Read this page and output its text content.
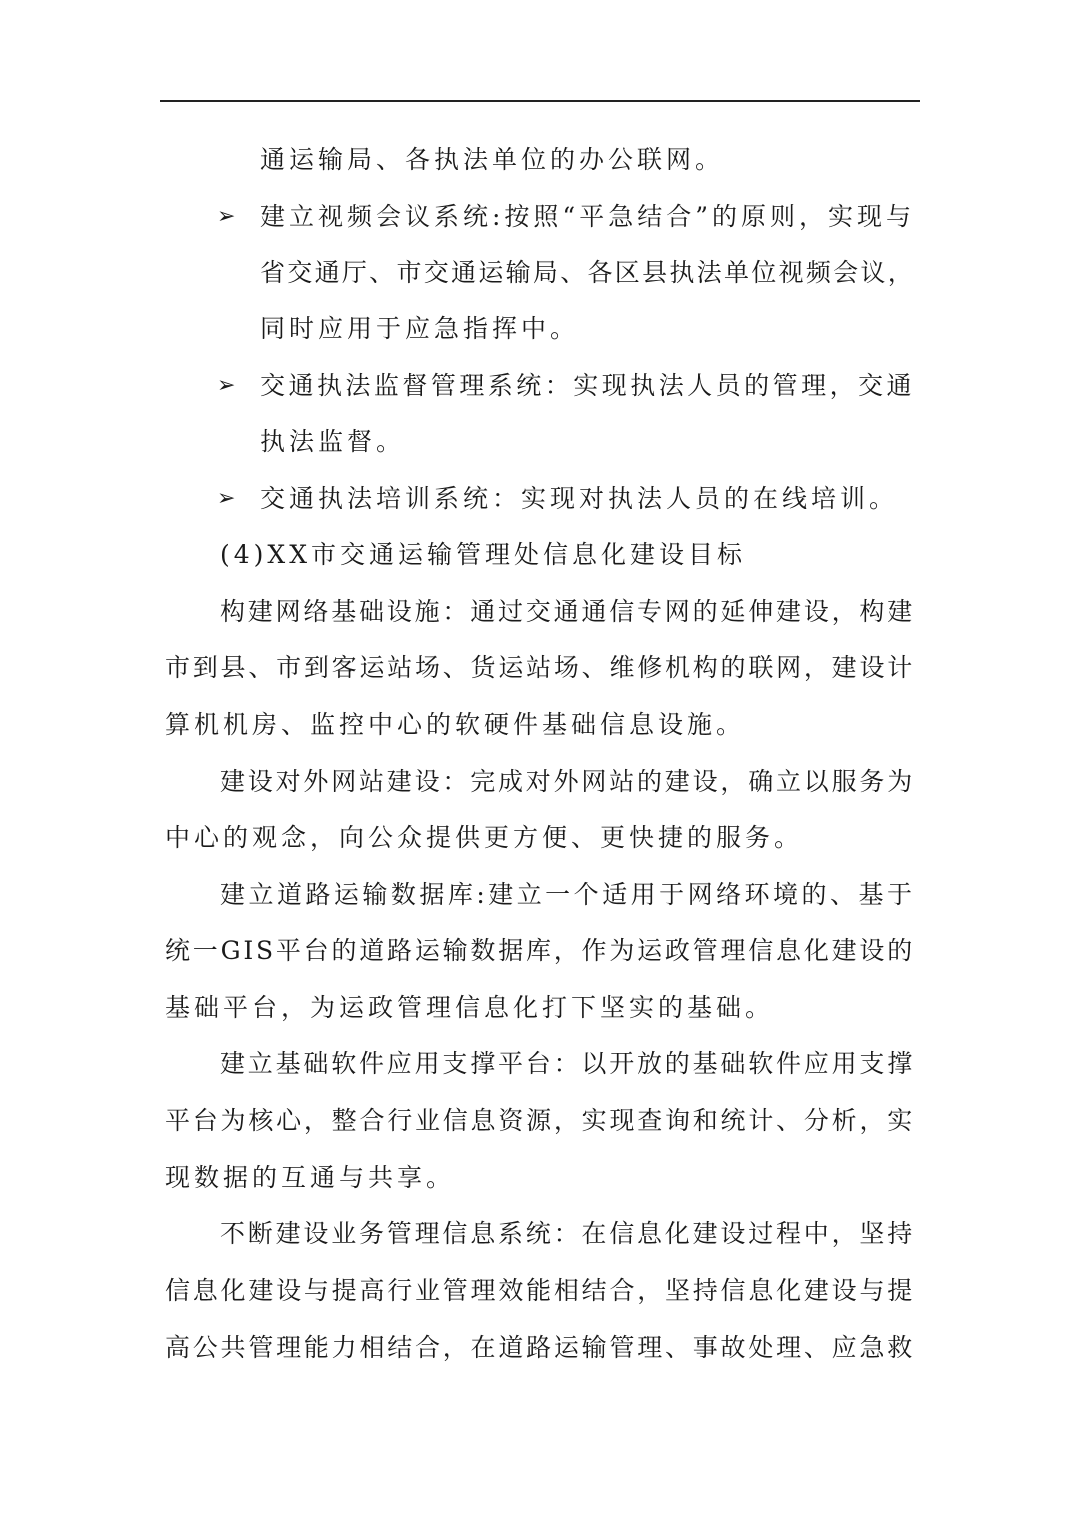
通运输局、各执法单位的办公联网。
➢ 建立视频会议系统:按照“平急结合”的原则，实现与
省交通厅、市交通运输局、各区县执法单位视频会议，
同时应用于应急指挥中。
➢ 交通执法监督管理系统：实现执法人员的管理，交通
执法监督。
➢ 交通执法培训系统：实现对执法人员的在线培训。
(4)XX市交通运输管理处信息化建设目标
构建网络基础设施：通过交通通信专网的延伸建设，构建
市到县、市到客运站场、货运站场、维修机构的联网，建设计
算机机房、监控中心的软硬件基础信息设施。
建设对外网站建设：完成对外网站的建设，确立以服务为
中心的观念，向公众提供更方便、更快捷的服务。
建立道路运输数据库:建立一个适用于网络环境的、基于
统一GIS平台的道路运输数据库，作为运政管理信息化建设的
基础平台，为运政管理信息化打下坚实的基础。
建立基础软件应用支撑平台：以开放的基础软件应用支撑
平台为核心，整合行业信息资源，实现查询和统计、分析，实
现数据的互通与共享。
不断建设业务管理信息系统：在信息化建设过程中，坚持
信息化建设与提高行业管理效能相结合，坚持信息化建设与提
高公共管理能力相结合，在道路运输管理、事故处理、应急救
